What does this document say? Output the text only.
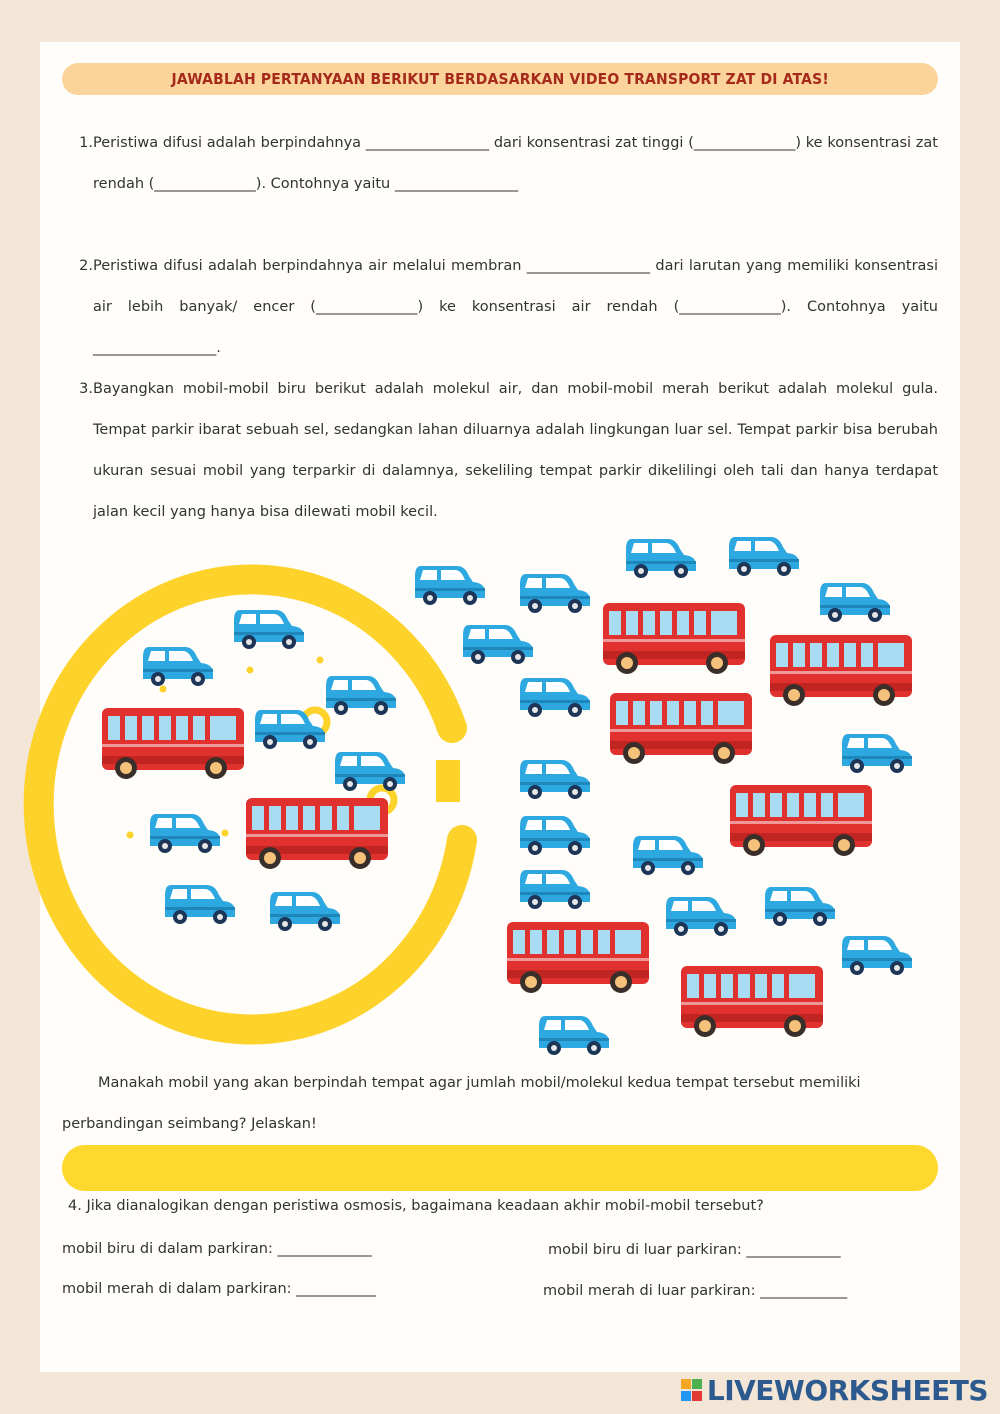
JAWABLAH PERTANYAAN BERIKUT BERDASARKAN VIDEO TRANSPORT ZAT DI ATAS!
1. Peristiwa difusi adalah berpindahnya _________________ dari konsentrasi zat tinggi (______________) ke konsentrasi zat rendah (______________). Contohnya yaitu _________________
2. Peristiwa difusi adalah berpindahnya air melalui membran _________________ dari larutan yang memiliki konsentrasi air lebih banyak/ encer (______________) ke konsentrasi air rendah (______________). Contohnya yaitu _________________.
3. Bayangkan mobil-mobil biru berikut adalah molekul air, dan mobil-mobil merah berikut adalah molekul gula. Tempat parkir ibarat sebuah sel, sedangkan lahan diluarnya adalah lingkungan luar sel. Tempat parkir bisa berubah ukuran sesuai mobil yang terparkir di dalamnya, sekeliling tempat parkir dikelilingi oleh tali dan hanya terdapat jalan kecil yang hanya bisa dilewati mobil kecil.
Manakah mobil yang akan berpindah tempat agar jumlah mobil/molekul kedua tempat tersebut memiliki
perbandingan seimbang? Jelaskan!
4. Jika dianalogikan dengan peristiwa osmosis, bagaimana keadaan akhir mobil-mobil tersebut?
mobil biru di dalam parkiran: _____________	mobil biru di luar parkiran: _____________
mobil merah di dalam parkiran: ___________	mobil merah di luar parkiran: ____________
LIVEWORKSHEETS
